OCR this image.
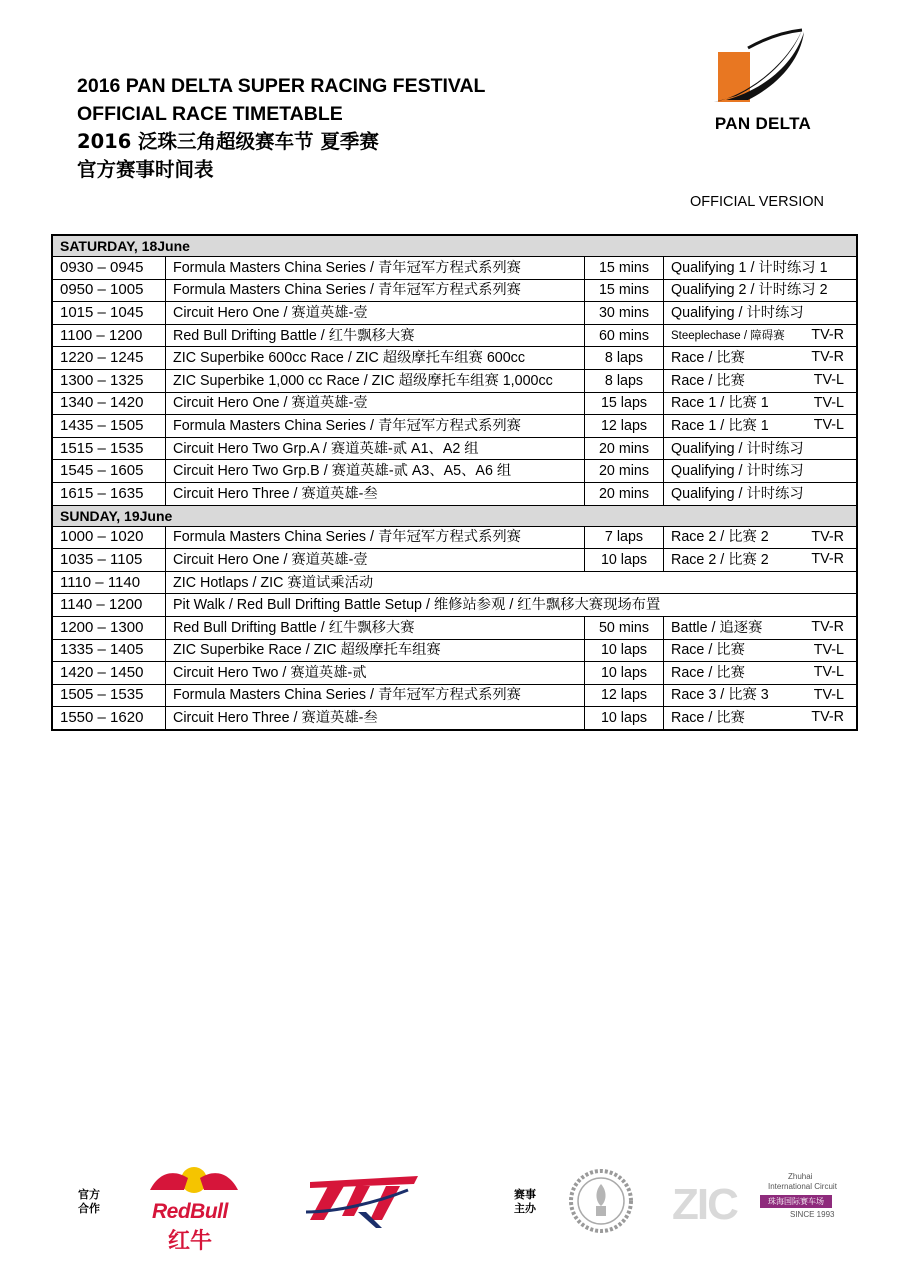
2016 PAN DELTA SUPER RACING FESTIVAL
OFFICIAL RACE TIMETABLE
2016 泛珠三角超级赛车节 夏季赛
官方赛事时间表
PAN DELTA
OFFICIAL VERSION
SATURDAY, 18June			
0930 – 0945	Formula Masters China Series / 青年冠军方程式系列赛	15 mins	Qualifying 1 / 计时练习 1
0950 – 1005	Formula Masters China Series / 青年冠军方程式系列赛	15 mins	Qualifying 2 / 计时练习 2
1015 – 1045	Circuit Hero One / 赛道英雄-壹	30 mins	Qualifying / 计时练习
1100 – 1200	Red Bull Drifting Battle / 红牛飘移大赛	60 mins	Steeplechase / 障碍赛 TV-R

1220 – 1245	ZIC Superbike 600cc Race / ZIC 超级摩托车组赛 600cc	8 laps	Race / 比赛 TV-R

1300 – 1325	ZIC Superbike 1,000 cc Race / ZIC 超级摩托车组赛 1,000cc	8 laps	Race / 比赛 TV-L

1340 – 1420	Circuit Hero One / 赛道英雄-壹	15 laps	Race 1 / 比赛 1 TV-L

1435 – 1505	Formula Masters China Series / 青年冠军方程式系列赛	12 laps	Race 1 / 比赛 1 TV-L

1515 – 1535	Circuit Hero Two Grp.A / 赛道英雄-贰 A1、A2 组	20 mins	Qualifying / 计时练习
1545 – 1605	Circuit Hero Two Grp.B / 赛道英雄-贰 A3、A5、A6 组	20 mins	Qualifying / 计时练习
1615 – 1635	Circuit Hero Three / 赛道英雄-叁	20 mins	Qualifying / 计时练习
SUNDAY, 19June			
1000 – 1020	Formula Masters China Series / 青年冠军方程式系列赛	7 laps	Race 2 / 比赛 2 TV-R

1035 – 1105	Circuit Hero One / 赛道英雄-壹	10 laps	Race 2 / 比赛 2 TV-R

1110 – 1140	ZIC Hotlaps / ZIC 赛道试乘活动		
1140 – 1200	Pit Walk / Red Bull Drifting Battle Setup / 维修站参观 / 红牛飘移大赛现场布置		
1200 – 1300	Red Bull Drifting Battle / 红牛飘移大赛	50 mins	Battle / 追逐赛 TV-R

1335 – 1405	ZIC Superbike Race / ZIC 超级摩托车组赛	10 laps	Race / 比赛 TV-L

1420 – 1450	Circuit Hero Two / 赛道英雄-贰	10 laps	Race / 比赛 TV-L

1505 – 1535	Formula Masters China Series / 青年冠军方程式系列赛	12 laps	Race 3 / 比赛 3 TV-L

1550 – 1620	Circuit Hero Three / 赛道英雄-叁	10 laps	Race / 比赛 TV-R
官方
合作 RedBull
红牛
赛事
主办	ZIC
Zhuhai
International Circuit
珠海国际赛车场
SINCE 1993
